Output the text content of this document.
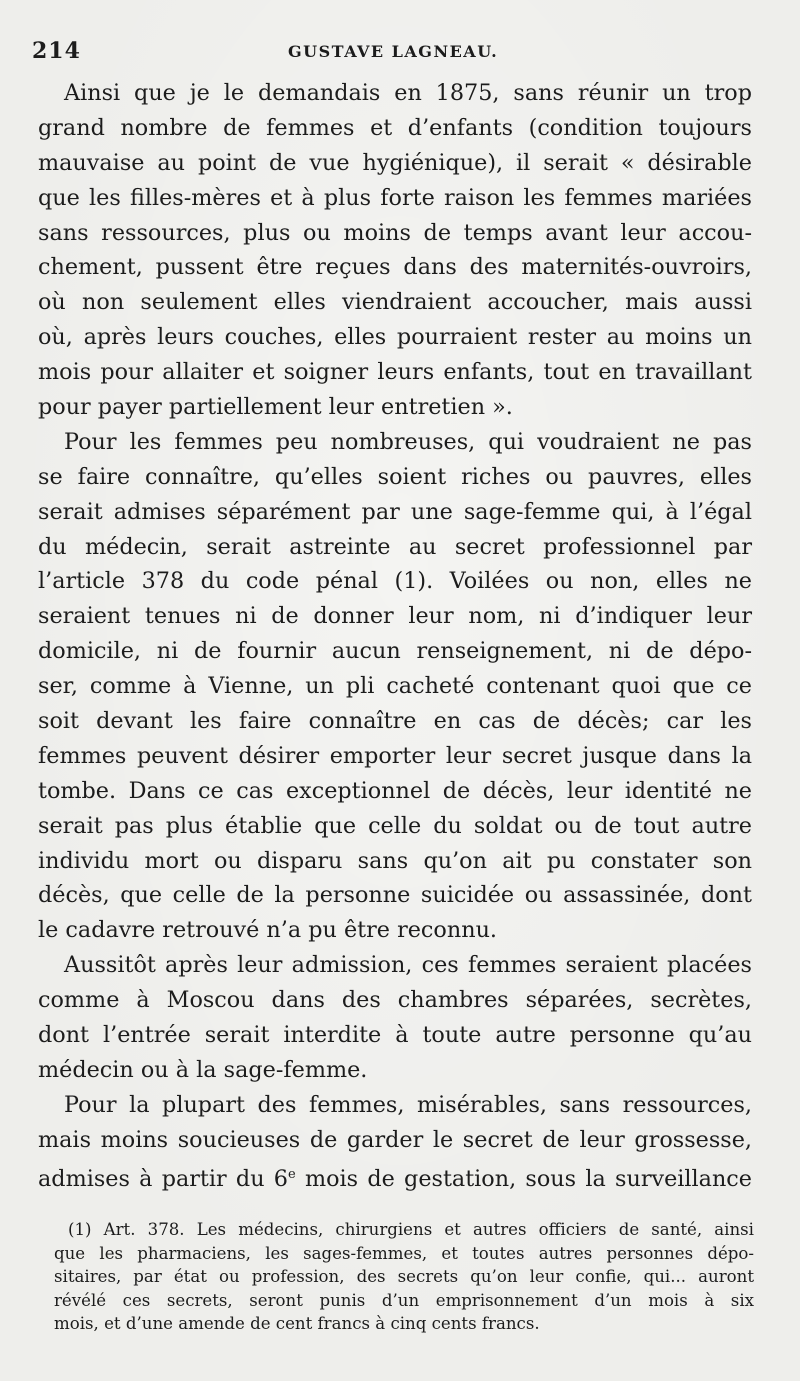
214	GUSTAVE LAGNEAU.
Ainsi que je le demandais en 1875, sans réunir un trop
grand nombre de femmes et d’enfants (condition toujours
mauvaise au point de vue hygiénique), il serait « désirable
que les filles-mères et à plus forte raison les femmes mariées
sans ressources, plus ou moins de temps avant leur accou-
chement, pussent être reçues dans des maternités-ouvroirs,
où non seulement elles viendraient accoucher, mais aussi
où, après leurs couches, elles pourraient rester au moins un
mois pour allaiter et soigner leurs enfants, tout en travaillant
pour payer partiellement leur entretien ».
Pour les femmes peu nombreuses, qui voudraient ne pas
se faire connaître, qu’elles soient riches ou pauvres, elles
serait admises séparément par une sage-femme qui, à l’égal
du médecin, serait astreinte au secret professionnel par
l’article 378 du code pénal (1). Voilées ou non, elles ne
seraient tenues ni de donner leur nom, ni d’indiquer leur
domicile, ni de fournir aucun renseignement, ni de dépo-
ser, comme à Vienne, un pli cacheté contenant quoi que ce
soit devant les faire connaître en cas de décès; car les
femmes peuvent désirer emporter leur secret jusque dans la
tombe. Dans ce cas exceptionnel de décès, leur identité ne
serait pas plus établie que celle du soldat ou de tout autre
individu mort ou disparu sans qu’on ait pu constater son
décès, que celle de la personne suicidée ou assassinée, dont
le cadavre retrouvé n’a pu être reconnu.
Aussitôt après leur admission, ces femmes seraient placées
comme à Moscou dans des chambres séparées, secrètes,
dont l’entrée serait interdite à toute autre personne qu’au
médecin ou à la sage-femme.
Pour la plupart des femmes, misérables, sans ressources,
mais moins soucieuses de garder le secret de leur grossesse,
admises à partir du 6e mois de gestation, sous la surveillance
(1) Art. 378. Les médecins, chirurgiens et autres officiers de santé, ainsi
que les pharmaciens, les sages-femmes, et toutes autres personnes dépo-
sitaires, par état ou profession, des secrets qu’on leur confie, qui... auront
révélé ces secrets, seront punis d’un emprisonnement d’un mois à six
mois, et d’une amende de cent francs à cinq cents francs.
